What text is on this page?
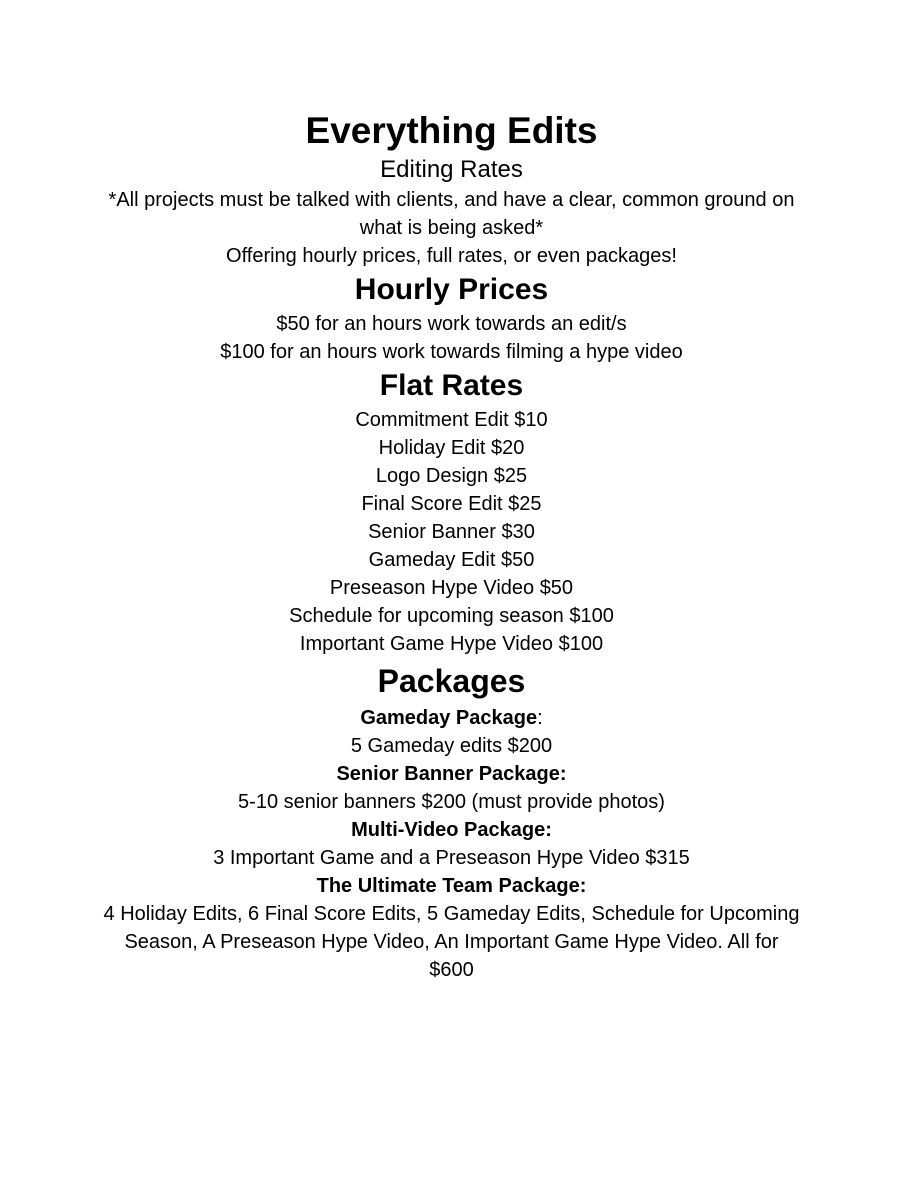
Everything Edits

Editing Rates

*All projects must be talked with clients, and have a clear, common ground on what is being asked*

Offering hourly prices, full rates, or even packages!

Hourly Prices

$50 for an hours work towards an edit/s

$100 for an hours work towards filming a hype video

Flat Rates

Commitment Edit $10

Holiday Edit $20

Logo Design $25

Final Score Edit $25

Senior Banner $30

Gameday Edit $50

Preseason Hype Video $50

Schedule for upcoming season $100

Important Game Hype Video $100

Packages

Gameday Package:

5 Gameday edits $200

Senior Banner Package:

5-10 senior banners $200 (must provide photos)

Multi-Video Package:

3 Important Game and a Preseason Hype Video $315

The Ultimate Team Package:

4 Holiday Edits, 6 Final Score Edits, 5 Gameday Edits, Schedule for Upcoming Season, A Preseason Hype Video, An Important Game Hype Video. All for $600
